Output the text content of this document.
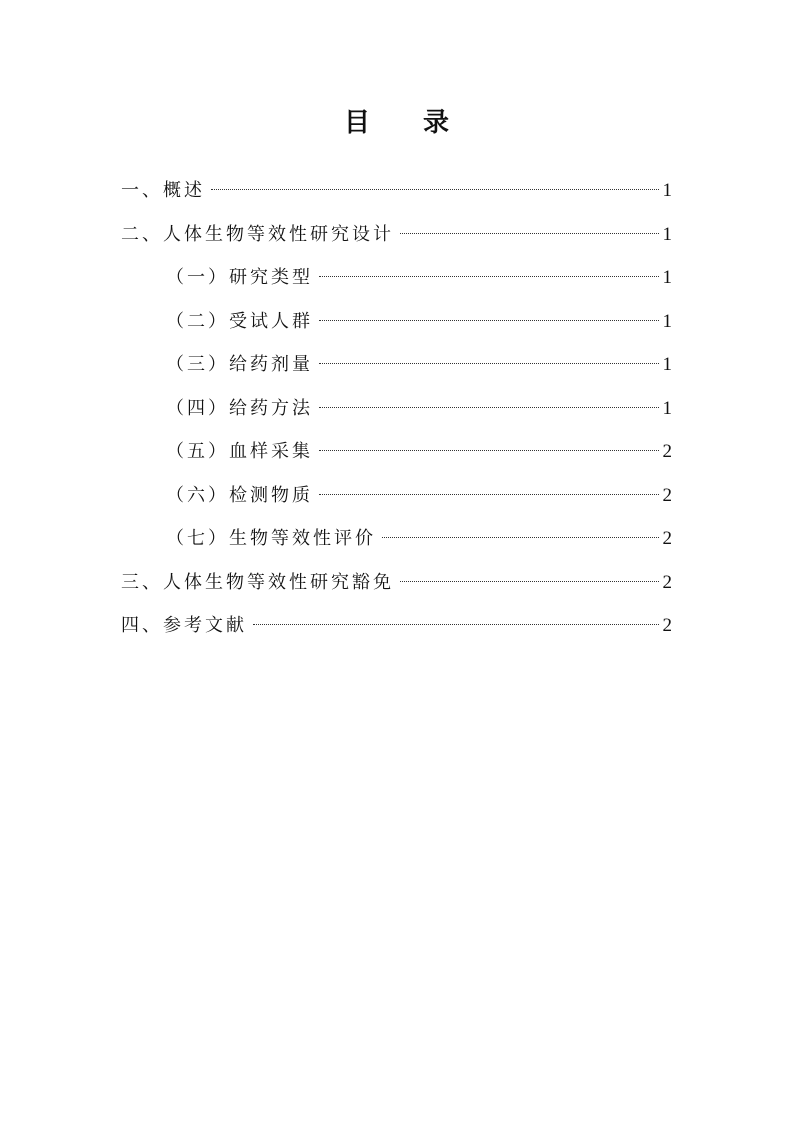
目 录
一、概述	1
二、人体生物等效性研究设计	1
（一）研究类型	1
（二）受试人群	1
（三）给药剂量	1
（四）给药方法	1
（五）血样采集	2
（六）检测物质	2
（七）生物等效性评价	2
三、人体生物等效性研究豁免	2
四、参考文献	2
